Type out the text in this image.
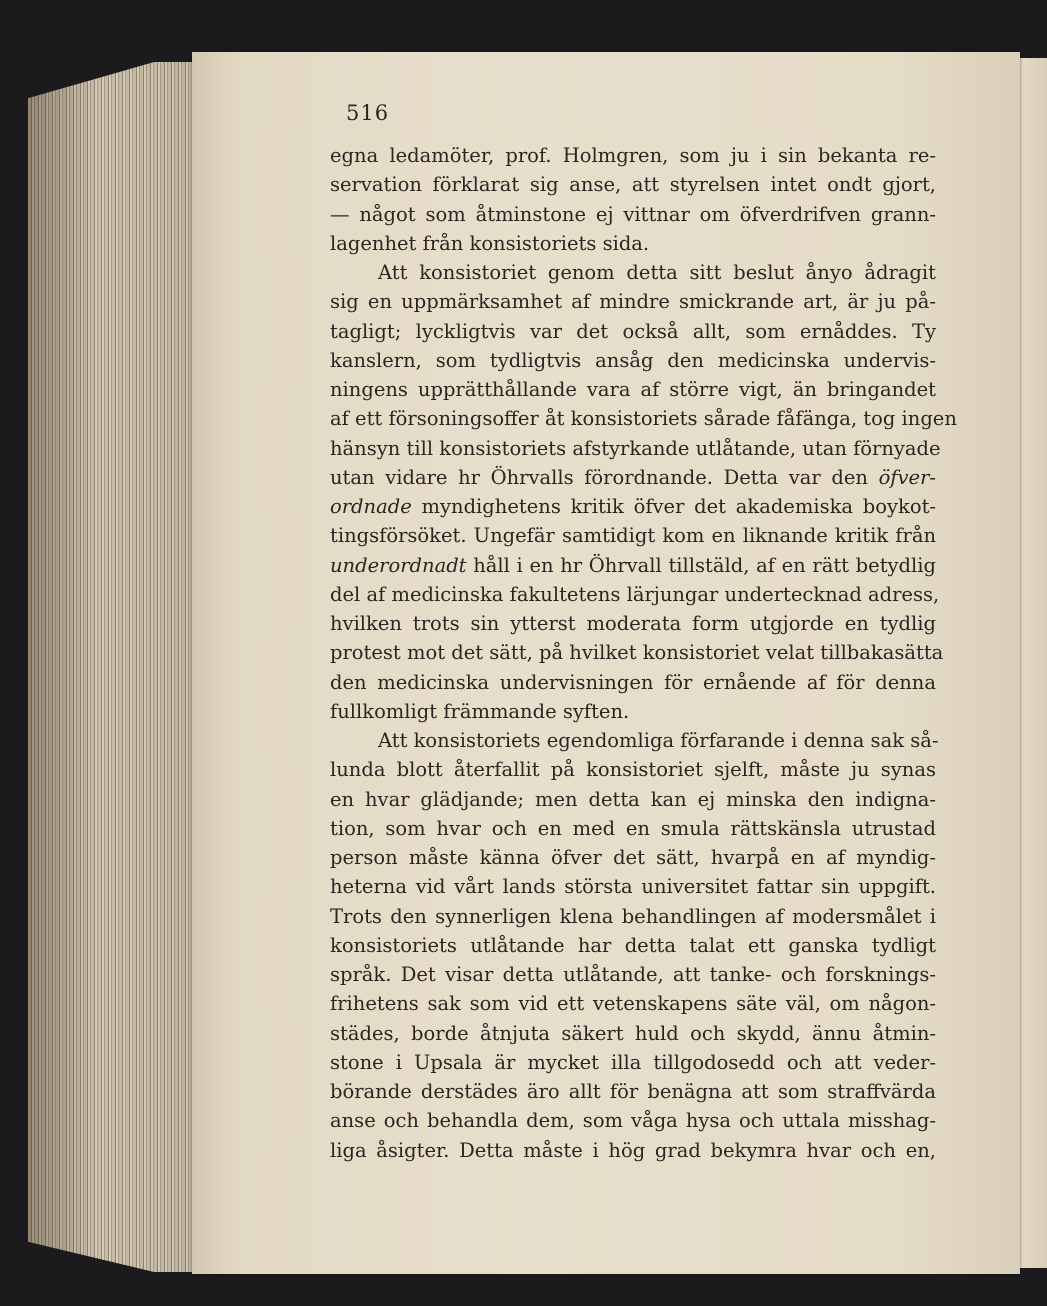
516
egna ledamöter, prof. Holmgren, som ju i sin bekanta re-
servation förklarat sig anse, att styrelsen intet ondt gjort,
— något som åtminstone ej vittnar om öfverdrifven grann-
lagenhet från konsistoriets sida.
Att konsistoriet genom detta sitt beslut ånyo ådragit
sig en uppmärksamhet af mindre smickrande art, är ju på-
tagligt; lyckligtvis var det också allt, som ernåddes. Ty
kanslern, som tydligtvis ansåg den medicinska undervis-
ningens upprätthållande vara af större vigt, än bringandet
af ett försoningsoffer åt konsistoriets sårade fåfänga, tog ingen
hänsyn till konsistoriets afstyrkande utlåtande, utan förnyade
utan vidare hr Öhrvalls förordnande. Detta var den öfver-
ordnade myndighetens kritik öfver det akademiska boykot-
tingsförsöket. Ungefär samtidigt kom en liknande kritik från
underordnadt håll i en hr Öhrvall tillstäld, af en rätt betydlig
del af medicinska fakultetens lärjungar undertecknad adress,
hvilken trots sin ytterst moderata form utgjorde en tydlig
protest mot det sätt, på hvilket konsistoriet velat tillbakasätta
den medicinska undervisningen för ernående af för denna
fullkomligt främmande syften.
Att konsistoriets egendomliga förfarande i denna sak så-
lunda blott återfallit på konsistoriet sjelft, måste ju synas
en hvar glädjande; men detta kan ej minska den indigna-
tion, som hvar och en med en smula rättskänsla utrustad
person måste känna öfver det sätt, hvarpå en af myndig-
heterna vid vårt lands största universitet fattar sin uppgift.
Trots den synnerligen klena behandlingen af modersmålet i
konsistoriets utlåtande har detta talat ett ganska tydligt
språk. Det visar detta utlåtande, att tanke- och forsknings-
frihetens sak som vid ett vetenskapens säte väl, om någon-
städes, borde åtnjuta säkert huld och skydd, ännu åtmin-
stone i Upsala är mycket illa tillgodosedd och att veder-
börande derstädes äro allt för benägna att som straffvärda
anse och behandla dem, som våga hysa och uttala misshag-
liga åsigter. Detta måste i hög grad bekymra hvar och en,
